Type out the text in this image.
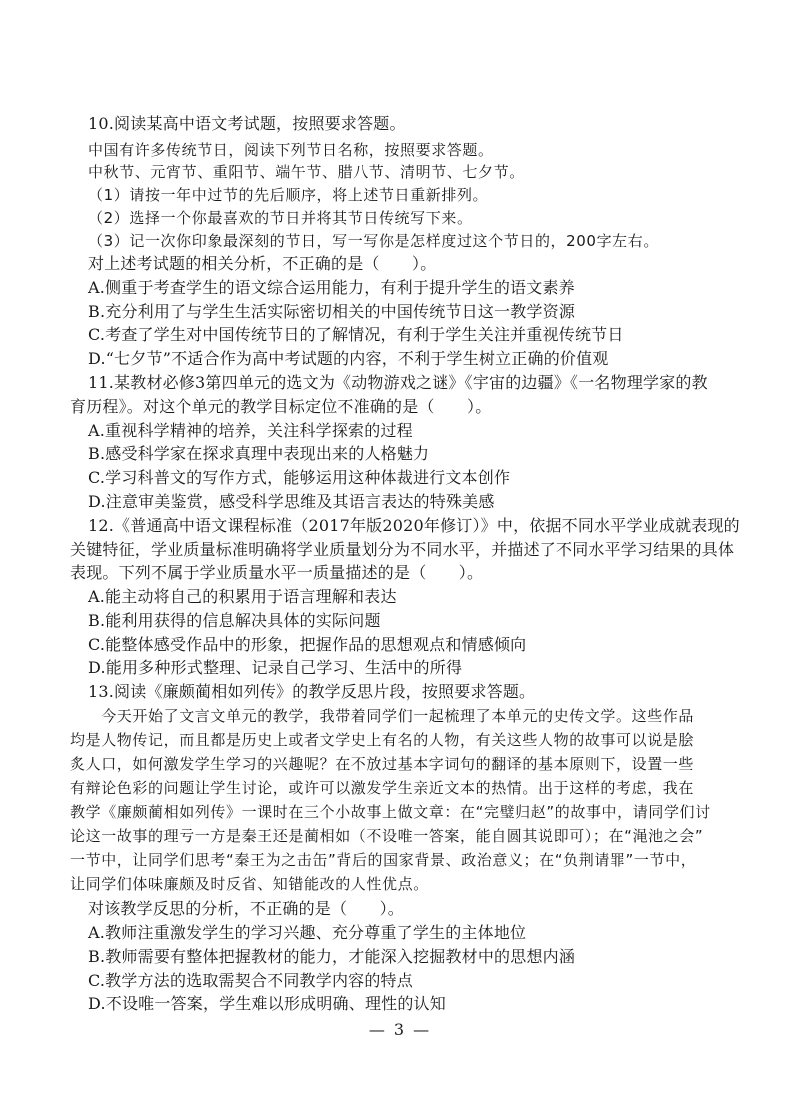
10.阅读某高中语文考试题，按照要求答题。
中国有许多传统节日，阅读下列节日名称，按照要求答题。
中秋节、元宵节、重阳节、端午节、腊八节、清明节、七夕节。
（1）请按一年中过节的先后顺序，将上述节日重新排列。
（2）选择一个你最喜欢的节日并将其节日传统写下来。
（3）记一次你印象最深刻的节日，写一写你是怎样度过这个节日的，200字左右。
对上述考试题的相关分析，不正确的是（　　）。
A.侧重于考查学生的语文综合运用能力，有利于提升学生的语文素养
B.充分利用了与学生生活实际密切相关的中国传统节日这一教学资源
C.考查了学生对中国传统节日的了解情况，有利于学生关注并重视传统节日
D.“七夕节”不适合作为高中考试题的内容，不利于学生树立正确的价值观
11.某教材必修3第四单元的选文为《动物游戏之谜》《宇宙的边疆》《一名物理学家的教
育历程》。对这个单元的教学目标定位不准确的是（　　）。
A.重视科学精神的培养，关注科学探索的过程
B.感受科学家在探求真理中表现出来的人格魅力
C.学习科普文的写作方式，能够运用这种体裁进行文本创作
D.注意审美鉴赏，感受科学思维及其语言表达的特殊美感
12.《普通高中语文课程标准（2017年版2020年修订）》中，依据不同水平学业成就表现的
关键特征，学业质量标准明确将学业质量划分为不同水平，并描述了不同水平学习结果的具体
表现。下列不属于学业质量水平一质量描述的是（　　）。
A.能主动将自己的积累用于语言理解和表达
B.能利用获得的信息解决具体的实际问题
C.能整体感受作品中的形象，把握作品的思想观点和情感倾向
D.能用多种形式整理、记录自己学习、生活中的所得
13.阅读《廉颇蔺相如列传》的教学反思片段，按照要求答题。
　　今天开始了文言文单元的教学，我带着同学们一起梳理了本单元的史传文学。这些作品
均是人物传记，而且都是历史上或者文学史上有名的人物，有关这些人物的故事可以说是脍
炙人口，如何激发学生学习的兴趣呢？在不放过基本字词句的翻译的基本原则下，设置一些
有辩论色彩的问题让学生讨论，或许可以激发学生亲近文本的热情。出于这样的考虑，我在
教学《廉颇蔺相如列传》一课时在三个小故事上做文章：在“完璧归赵”的故事中，请同学们讨
论这一故事的理亏一方是秦王还是蔺相如（不设唯一答案，能自圆其说即可）；在“渑池之会”
一节中，让同学们思考“秦王为之击缶”背后的国家背景、政治意义；在“负荆请罪”一节中，
让同学们体味廉颇及时反省、知错能改的人性优点。
对该教学反思的分析，不正确的是（　　）。
A.教师注重激发学生的学习兴趣、充分尊重了学生的主体地位
B.教师需要有整体把握教材的能力，才能深入挖掘教材中的思想内涵
C.教学方法的选取需契合不同教学内容的特点
D.不设唯一答案，学生难以形成明确、理性的认知
— 3 —
